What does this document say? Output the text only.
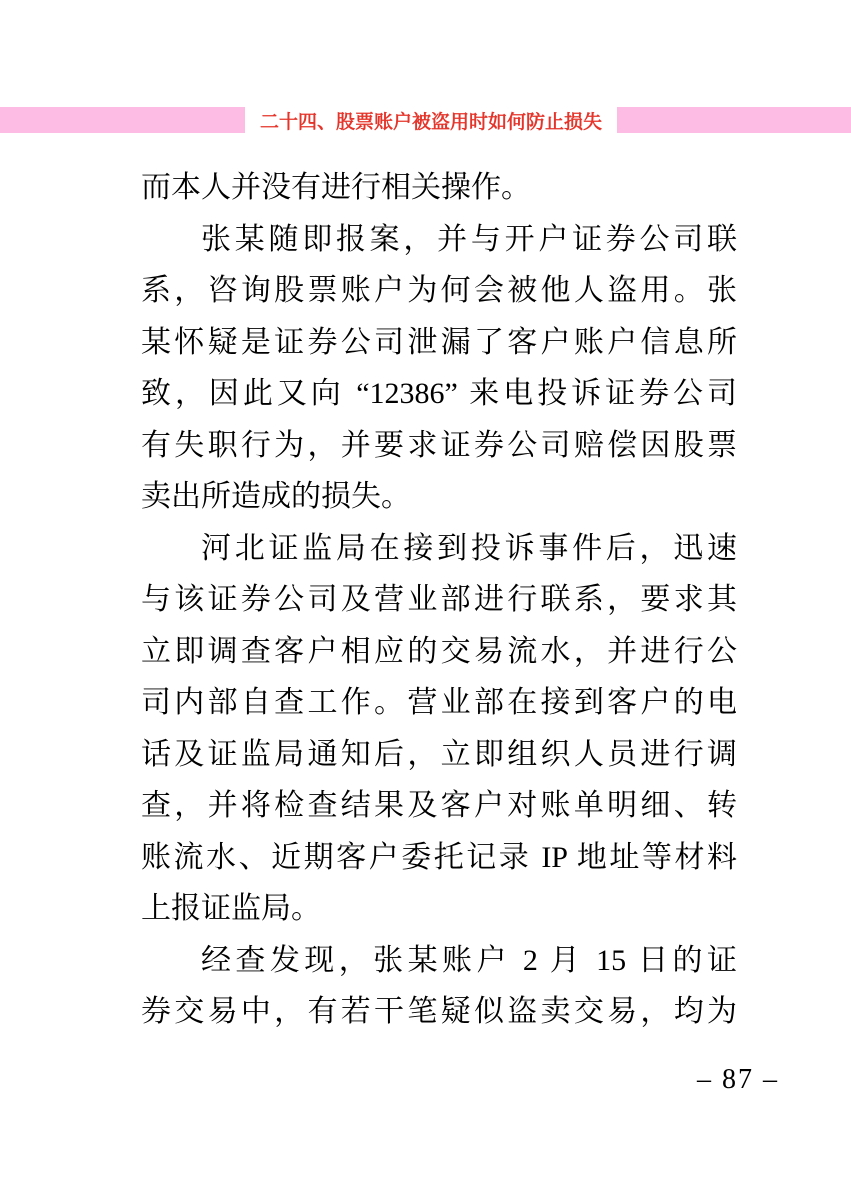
二十四、股票账户被盗用时如何防止损失
而本人并没有进行相关操作。
张某随即报案，并与开户证券公司联
系，咨询股票账户为何会被他人盗用。张
某怀疑是证券公司泄漏了客户账户信息所
致，因此又向 “12386” 来电投诉证券公司
有失职行为，并要求证券公司赔偿因股票
卖出所造成的损失。
河北证监局在接到投诉事件后，迅速
与该证券公司及营业部进行联系，要求其
立即调查客户相应的交易流水，并进行公
司内部自查工作。营业部在接到客户的电
话及证监局通知后，立即组织人员进行调
查，并将检查结果及客户对账单明细、转
账流水、近期客户委托记录 IP 地址等材料
上报证监局。
经查发现，张某账户 2 月 15 日的证
券交易中，有若干笔疑似盗卖交易，均为
– 87 –
